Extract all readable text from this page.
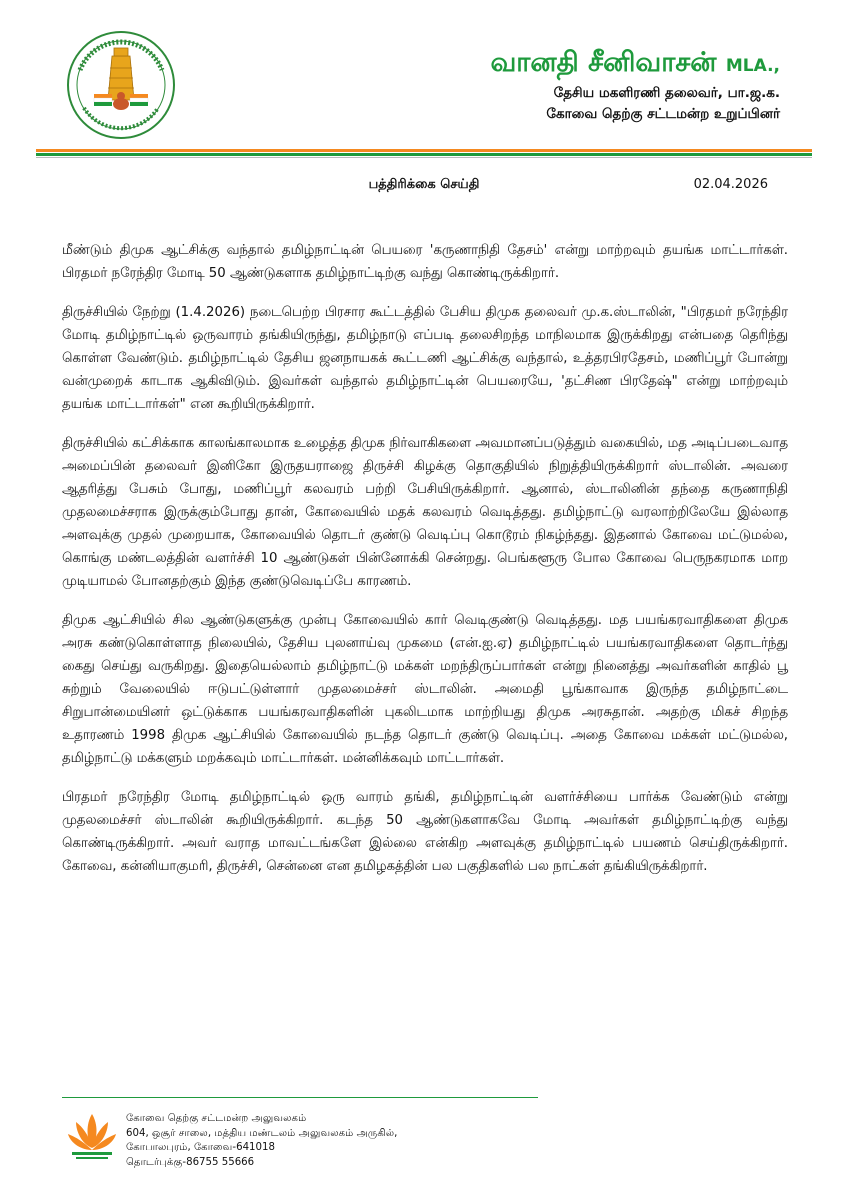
வானதி சீனிவாசன் MLA.,
தேசிய மகளிரணி தலைவர், பா.ஜ.க.
கோவை தெற்கு சட்டமன்ற உறுப்பினர்
பத்திரிக்கை செய்தி	02.04.2026

மீண்டும் திமுக ஆட்சிக்கு வந்தால் தமிழ்நாட்டின் பெயரை 'கருணாநிதி தேசம்' என்று மாற்றவும் தயங்க மாட்டார்கள். பிரதமர் நரேந்திர மோடி 50 ஆண்டுகளாக தமிழ்நாட்டிற்கு வந்து கொண்டிருக்கிறார்.

திருச்சியில் நேற்று (1.4.2026) நடைபெற்ற பிரசார கூட்டத்தில் பேசிய திமுக தலைவர் மு.க.ஸ்டாலின், "பிரதமர் நரேந்திர மோடி தமிழ்நாட்டில் ஒருவாரம் தங்கியிருந்து, தமிழ்நாடு எப்படி தலைசிறந்த மாநிலமாக இருக்கிறது என்பதை தெரிந்து கொள்ள வேண்டும். தமிழ்நாட்டில் தேசிய ஜனநாயகக் கூட்டணி ஆட்சிக்கு வந்தால், உத்தரபிரதேசம், மணிப்பூர் போன்று வன்முறைக் காடாக ஆகிவிடும். இவர்கள் வந்தால் தமிழ்நாட்டின் பெயரையே, 'தட்சிண பிரதேஷ்" என்று மாற்றவும் தயங்க மாட்டார்கள்" என கூறியிருக்கிறார்.

திருச்சியில் கட்சிக்காக காலங்காலமாக உழைத்த திமுக நிர்வாகிகளை அவமானப்படுத்தும் வகையில், மத அடிப்படைவாத அமைப்பின் தலைவர் இனிகோ இருதயராஜை திருச்சி கிழக்கு தொகுதியில் நிறுத்தியிருக்கிறார் ஸ்டாலின். அவரை ஆதரித்து பேசும் போது, மணிப்பூர் கலவரம் பற்றி பேசியிருக்கிறார். ஆனால், ஸ்டாலினின் தந்தை கருணாநிதி முதலமைச்சராக இருக்கும்போது தான், கோவையில் மதக் கலவரம் வெடித்தது. தமிழ்நாட்டு வரலாற்றிலேயே இல்லாத அளவுக்கு முதல் முறையாக, கோவையில் தொடர் குண்டு வெடிப்பு கொடூரம் நிகழ்ந்தது. இதனால் கோவை மட்டுமல்ல, கொங்கு மண்டலத்தின் வளர்ச்சி 10 ஆண்டுகள் பின்னோக்கி சென்றது. பெங்களூரு போல கோவை பெருநகரமாக மாற முடியாமல் போனதற்கும் இந்த குண்டுவெடிப்பே காரணம்.

திமுக ஆட்சியில் சில ஆண்டுகளுக்கு முன்பு கோவையில் கார் வெடிகுண்டு வெடித்தது. மத பயங்கரவாதிகளை திமுக அரசு கண்டுகொள்ளாத நிலையில், தேசிய புலனாய்வு முகமை (என்.ஐ.ஏ) தமிழ்நாட்டில் பயங்கரவாதிகளை தொடர்ந்து கைது செய்து வருகிறது. இதையெல்லாம் தமிழ்நாட்டு மக்கள் மறந்திருப்பார்கள் என்று நினைத்து அவர்களின் காதில் பூ சுற்றும் வேலையில் ஈடுபட்டுள்ளார் முதலமைச்சர் ஸ்டாலின். அமைதி பூங்காவாக இருந்த தமிழ்நாட்டை சிறுபான்மையினர் ஒட்டுக்காக பயங்கரவாதிகளின் புகலிடமாக மாற்றியது திமுக அரசுதான். அதற்கு மிகச் சிறந்த உதாரணம் 1998 திமுக ஆட்சியில் கோவையில் நடந்த தொடர் குண்டு வெடிப்பு. அதை கோவை மக்கள் மட்டுமல்ல, தமிழ்நாட்டு மக்களும் மறக்கவும் மாட்டார்கள். மன்னிக்கவும் மாட்டார்கள்.

பிரதமர் நரேந்திர மோடி தமிழ்நாட்டில் ஒரு வாரம் தங்கி, தமிழ்நாட்டின் வளர்ச்சியை பார்க்க வேண்டும் என்று முதலமைச்சர் ஸ்டாலின் கூறியிருக்கிறார். கடந்த 50 ஆண்டுகளாகவே மோடி அவர்கள் தமிழ்நாட்டிற்கு வந்து கொண்டிருக்கிறார். அவர் வராத மாவட்டங்களே இல்லை என்கிற அளவுக்கு தமிழ்நாட்டில் பயணம் செய்திருக்கிறார். கோவை, கன்னியாகுமரி, திருச்சி, சென்னை என தமிழகத்தின் பல பகுதிகளில் பல நாட்கள் தங்கியிருக்கிறார்.

கோவை தெற்கு சட்டமன்ற அலுவலகம்
604, ஒசூர் சாலை, மத்திய மண்டலம் அலுவலகம் அருகில்,
கோபாலபுரம், கோவை-641018
தொடர்புக்கு-86755 55666
